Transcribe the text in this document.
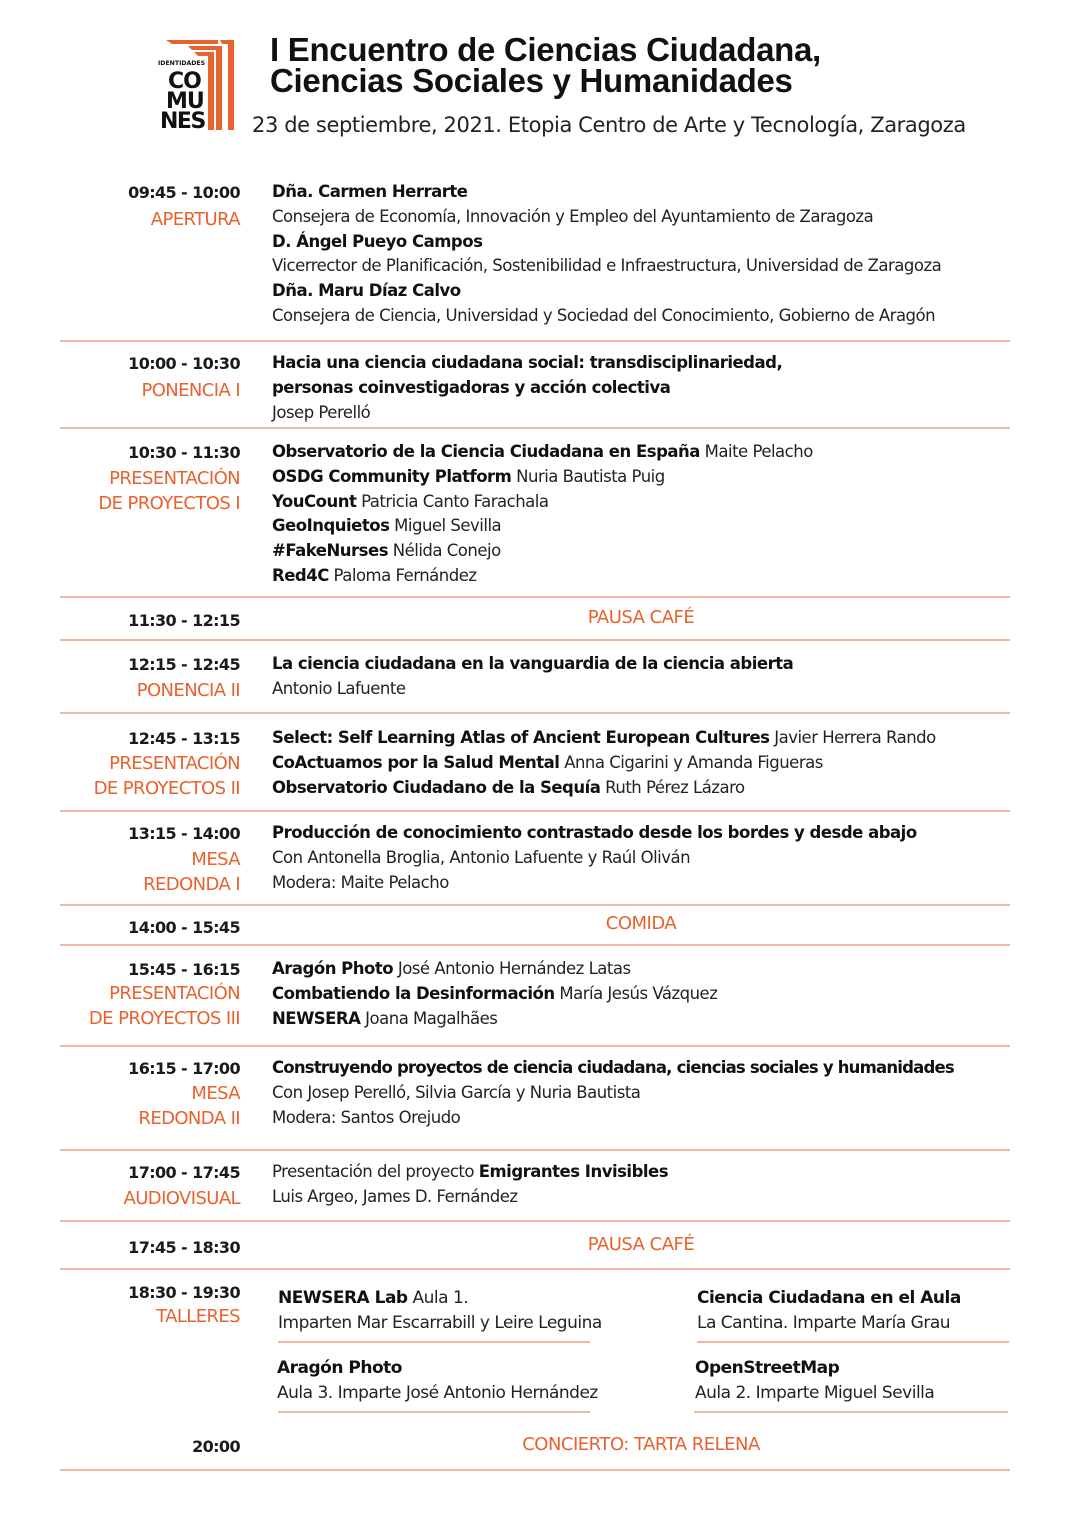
IDENTIDADES
CO
MU
NES
I Encuentro de Ciencias Ciudadana,
Ciencias Sociales y Humanidades
23 de septiembre, 2021. Etopia Centro de Arte y Tecnología, Zaragoza
09:45 - 10:00
APERTURA
Dña. Carmen Herrarte
Consejera de Economía, Innovación y Empleo del Ayuntamiento de Zaragoza
D. Ángel Pueyo Campos
Vicerrector de Planificación, Sostenibilidad e Infraestructura, Universidad de Zaragoza
Dña. Maru Díaz Calvo
Consejera de Ciencia, Universidad y Sociedad del Conocimiento, Gobierno de Aragón
10:00 - 10:30
PONENCIA I
Hacia una ciencia ciudadana social: transdisciplinariedad,
personas coinvestigadoras y acción colectiva
Josep Perelló
10:30 - 11:30
PRESENTACIÓN
DE PROYECTOS I
Observatorio de la Ciencia Ciudadana en España Maite Pelacho
OSDG Community Platform Nuria Bautista Puig
YouCount Patricia Canto Farachala
GeoInquietos Miguel Sevilla
#FakeNurses Nélida Conejo
Red4C Paloma Fernández
11:30 - 12:15	PAUSA CAFÉ
12:15 - 12:45
PONENCIA II
La ciencia ciudadana en la vanguardia de la ciencia abierta
Antonio Lafuente
12:45 - 13:15
PRESENTACIÓN
DE PROYECTOS II
Select: Self Learning Atlas of Ancient European Cultures Javier Herrera Rando
CoActuamos por la Salud Mental Anna Cigarini y Amanda Figueras
Observatorio Ciudadano de la Sequía Ruth Pérez Lázaro
13:15 - 14:00
MESA
REDONDA I
Producción de conocimiento contrastado desde los bordes y desde abajo
Con Antonella Broglia, Antonio Lafuente y Raúl Oliván
Modera: Maite Pelacho
14:00 - 15:45	COMIDA
15:45 - 16:15
PRESENTACIÓN
DE PROYECTOS III
Aragón Photo José Antonio Hernández Latas
Combatiendo la Desinformación María Jesús Vázquez
NEWSERA Joana Magalhães
16:15 - 17:00
MESA
REDONDA II
Construyendo proyectos de ciencia ciudadana, ciencias sociales y humanidades
Con Josep Perelló, Silvia García y Nuria Bautista
Modera: Santos Orejudo
17:00 - 17:45
AUDIOVISUAL
Presentación del proyecto Emigrantes Invisibles
Luis Argeo, James D. Fernández
17:45 - 18:30	PAUSA CAFÉ
18:30 - 19:30
TALLERES
NEWSERA Lab Aula 1.
Imparten Mar Escarrabill y Leire Leguina
Ciencia Ciudadana en el Aula
La Cantina. Imparte María Grau
Aragón Photo
Aula 3. Imparte José Antonio Hernández
OpenStreetMap
Aula 2. Imparte Miguel Sevilla
20:00	CONCIERTO: TARTA RELENA
